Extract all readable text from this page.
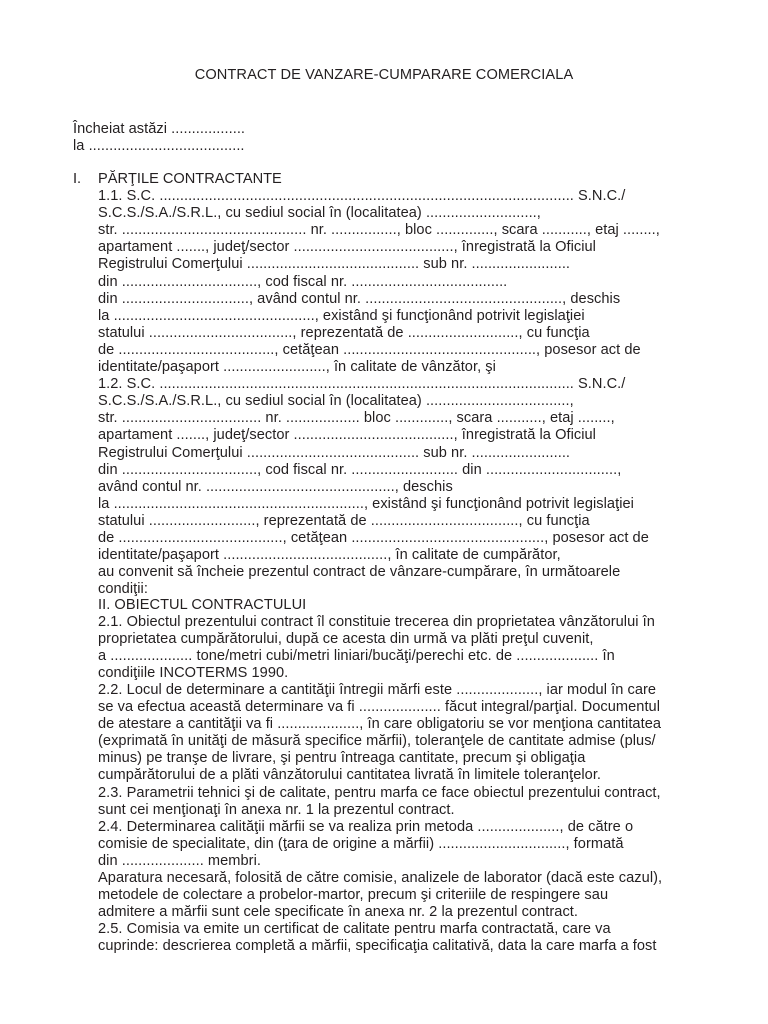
CONTRACT DE VANZARE-CUMPARARE COMERCIALA
Încheiat astăzi ..................
la ......................................
I. PĂRŢILE CONTRACTANTE
1.1. S.C. ..................................................................................................... S.N.C./
S.C.S./S.A./S.R.L., cu sediul social în (localitatea) ...........................,
str. ............................................. nr. ................, bloc .............., scara ..........., etaj ........,
apartament ......., judeţ/sector ......................................., înregistrată la Oficiul
Registrului Comerţului .......................................... sub nr. ........................
din ................................., cod fiscal nr. ......................................
din ..............................., având contul nr. ................................................, deschis
la ................................................., existând şi funcţionând potrivit legislaţiei
statului ..................................., reprezentată de ..........................., cu funcţia
de ......................................, cetăţean ..............................................., posesor act de
identitate/paşaport ........................., în calitate de vânzător, şi
1.2. S.C. ..................................................................................................... S.N.C./
S.C.S./S.A./S.R.L., cu sediul social în (localitatea) ...................................,
str. .................................. nr. .................. bloc ............., scara ..........., etaj ........,
apartament ......., judeţ/sector ......................................., înregistrată la Oficiul
Registrului Comerţului .......................................... sub nr. ........................
din ................................., cod fiscal nr. .......................... din ................................,
având contul nr. .............................................., deschis
la ............................................................., existând şi funcţionând potrivit legislaţiei
statului .........................., reprezentată de ...................................., cu funcţia
de ........................................, cetăţean ..............................................., posesor act de
identitate/paşaport ........................................, în calitate de cumpărător,
au convenit să încheie prezentul contract de vânzare-cumpărare, în următoarele
condiţii:
II. OBIECTUL CONTRACTULUI
2.1. Obiectul prezentului contract îl constituie trecerea din proprietatea vânzătorului în
proprietatea cumpărătorului, după ce acesta din urmă va plăti preţul cuvenit,
a .................... tone/metri cubi/metri liniari/bucăţi/perechi etc. de .................... în
condiţiile INCOTERMS 1990.
2.2. Locul de determinare a cantităţii întregii mărfi este ...................., iar modul în care
se va efectua această determinare va fi .................... făcut integral/parţial. Documentul
de atestare a cantităţii va fi ...................., în care obligatoriu se vor menţiona cantitatea
(exprimată în unităţi de măsură specifice mărfii), toleranţele de cantitate admise (plus/
minus) pe tranşe de livrare, şi pentru întreaga cantitate, precum şi obligaţia
cumpărătorului de a plăti vânzătorului cantitatea livrată în limitele toleranţelor.
2.3. Parametrii tehnici şi de calitate, pentru marfa ce face obiectul prezentului contract,
sunt cei menţionaţi în anexa nr. 1 la prezentul contract.
2.4. Determinarea calităţii mărfii se va realiza prin metoda ...................., de către o
comisie de specialitate, din (ţara de origine a mărfii) ..............................., formată
din .................... membri.
Aparatura necesară, folosită de către comisie, analizele de laborator (dacă este cazul),
metodele de colectare a probelor-martor, precum şi criteriile de respingere sau
admitere a mărfii sunt cele specificate în anexa nr. 2 la prezentul contract.
2.5. Comisia va emite un certificat de calitate pentru marfa contractată, care va
cuprinde: descrierea completă a mărfii, specificaţia calitativă, data la care marfa a fost
